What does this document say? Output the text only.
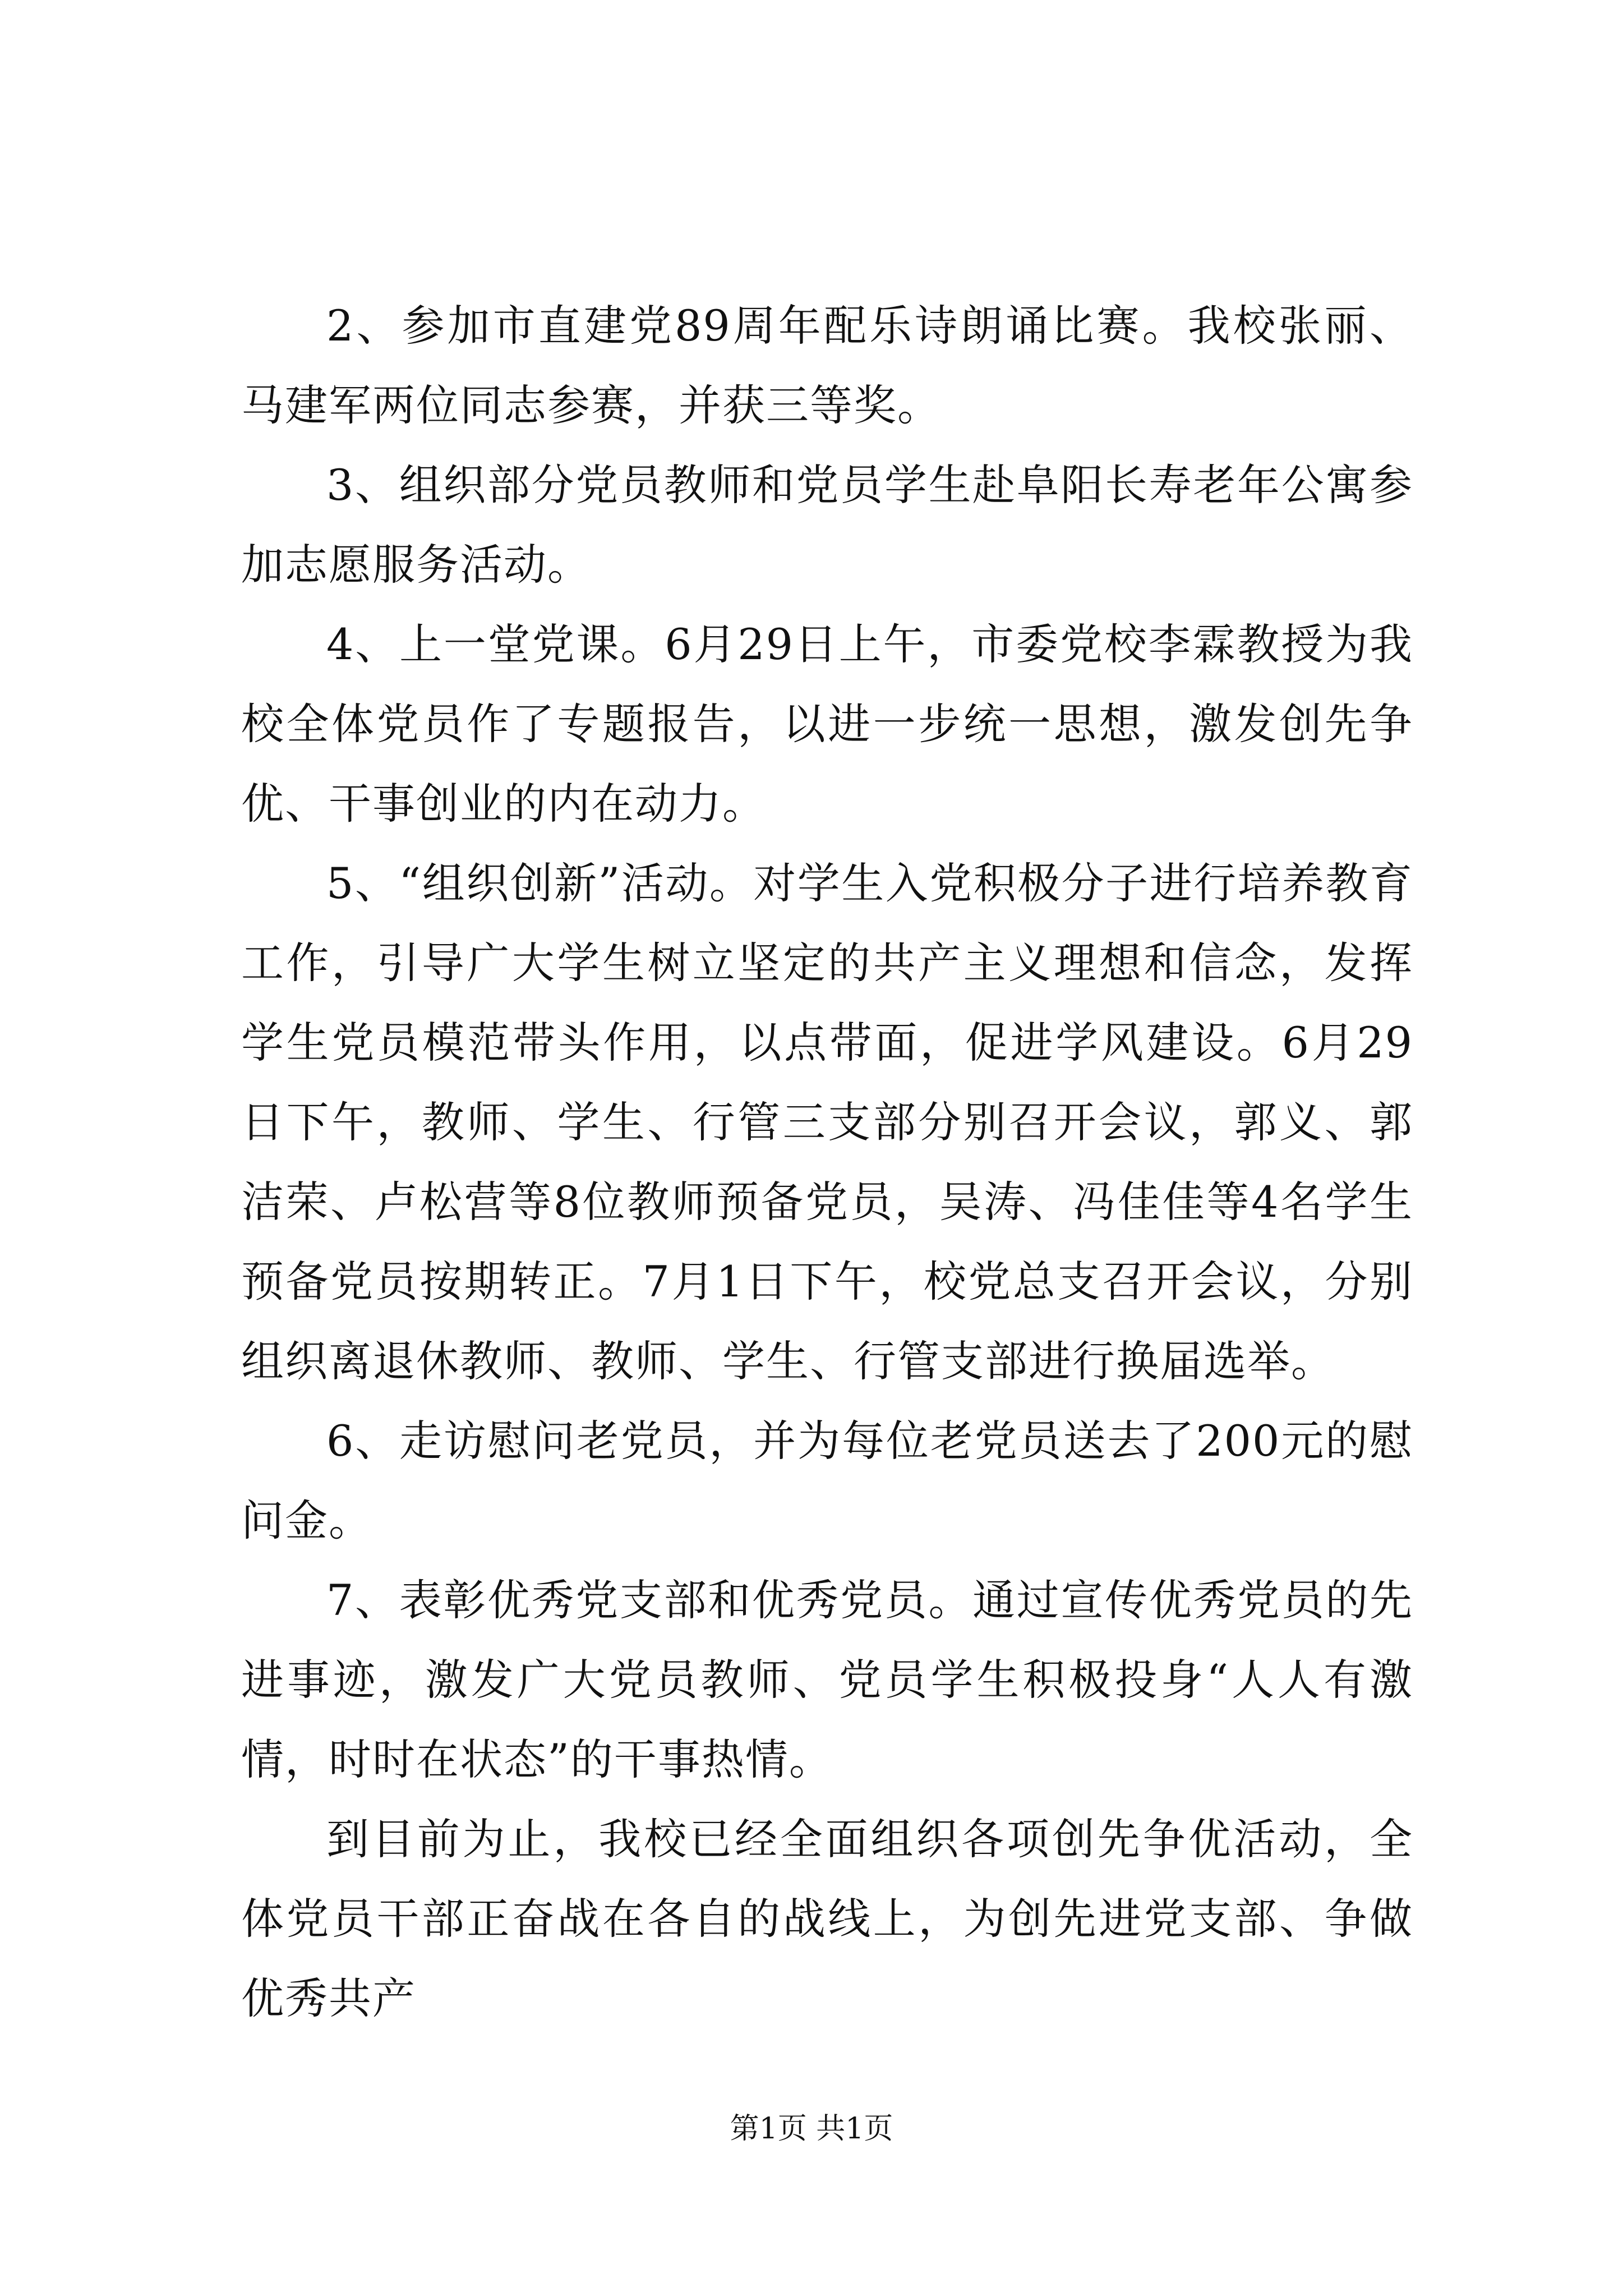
2、参加市直建党89周年配乐诗朗诵比赛。我校张丽、马建军两位同志参赛，并获三等奖。

3、组织部分党员教师和党员学生赴阜阳长寿老年公寓参加志愿服务活动。

4、上一堂党课。6月29日上午，市委党校李霖教授为我校全体党员作了专题报告，以进一步统一思想，激发创先争优、干事创业的内在动力。

5、“组织创新”活动。对学生入党积极分子进行培养教育工作，引导广大学生树立坚定的共产主义理想和信念，发挥学生党员模范带头作用，以点带面，促进学风建设。6月29日下午，教师、学生、行管三支部分别召开会议，郭义、郭洁荣、卢松营等8位教师预备党员，吴涛、冯佳佳等4名学生预备党员按期转正。7月1日下午，校党总支召开会议，分别组织离退休教师、教师、学生、行管支部进行换届选举。

6、走访慰问老党员，并为每位老党员送去了200元的慰问金。

7、表彰优秀党支部和优秀党员。通过宣传优秀党员的先进事迹，激发广大党员教师、党员学生积极投身“人人有激情，时时在状态”的干事热情。

到目前为止，我校已经全面组织各项创先争优活动，全体党员干部正奋战在各自的战线上，为创先进党支部、争做优秀共产

第1页 共1页
